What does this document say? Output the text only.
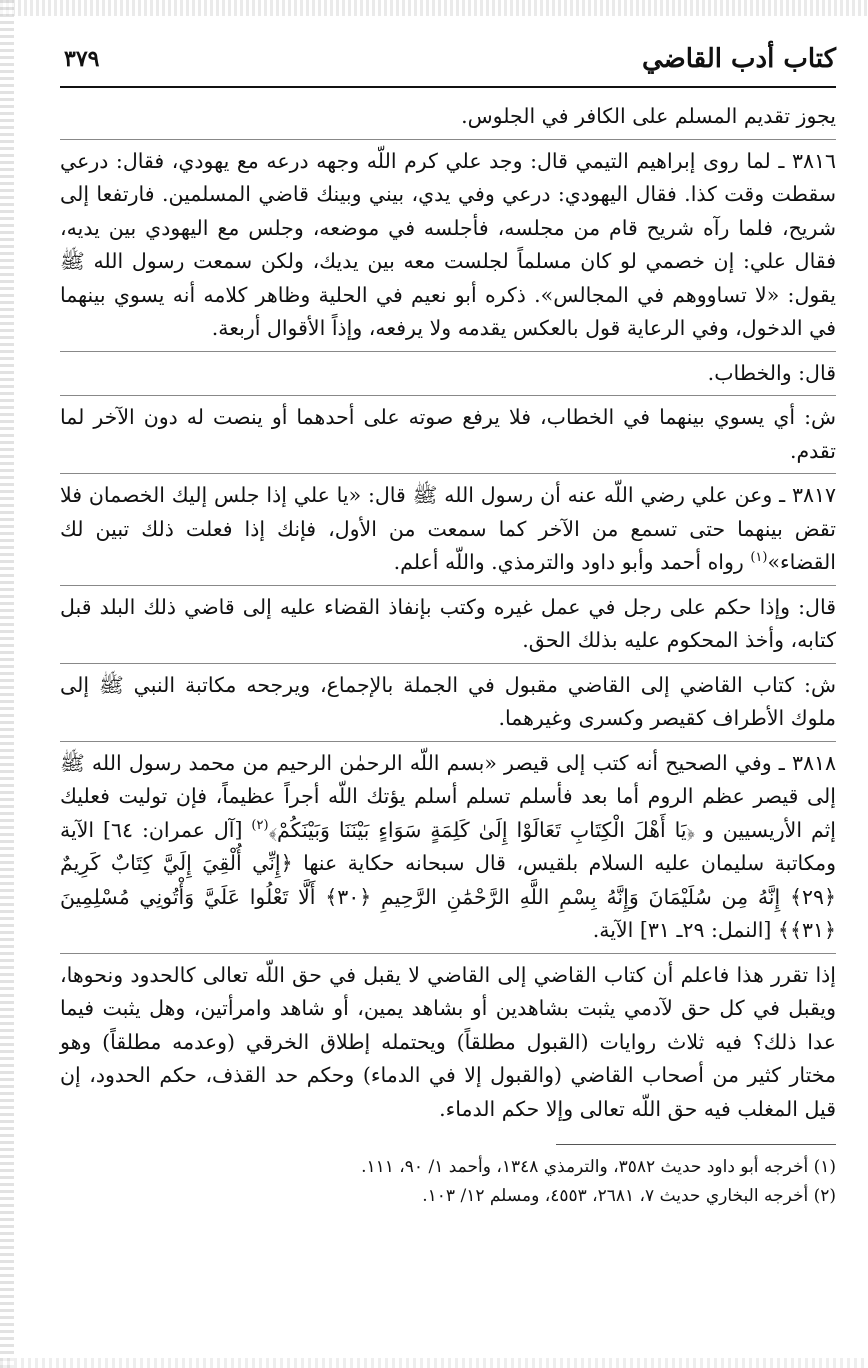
كتاب أدب القاضي
٣٧٩

يجوز تقديم المسلم على الكافر في الجلوس.

٣٨١٦ ـ لما روى إبراهيم التيمي قال: وجد علي كرم اللّه وجهه درعه مع يهودي، فقال: درعي سقطت وقت كذا. فقال اليهودي: درعي وفي يدي، بيني وبينك قاضي المسلمين. فارتفعا إلى شريح، فلما رآه شريح قام من مجلسه، فأجلسه في موضعه، وجلس مع اليهودي بين يديه، فقال علي: إن خصمي لو كان مسلماً لجلست معه بين يديك، ولكن سمعت رسول الله ﷺ يقول: «لا تساووهم في المجالس». ذكره أبو نعيم في الحلية وظاهر كلامه أنه يسوي بينهما في الدخول، وفي الرعاية قول بالعكس يقدمه ولا يرفعه، وإذاً الأقوال أربعة.

قال: والخطاب.

ش: أي يسوي بينهما في الخطاب، فلا يرفع صوته على أحدهما أو ينصت له دون الآخر لما تقدم.

٣٨١٧ ـ وعن علي رضي اللّه عنه أن رسول الله ﷺ قال: «يا علي إذا جلس إليك الخصمان فلا تقض بينهما حتى تسمع من الآخر كما سمعت من الأول، فإنك إذا فعلت ذلك تبين لك القضاء»$^{(١)}$ رواه أحمد وأبو داود والترمذي. واللّه أعلم.

قال: وإذا حكم على رجل في عمل غيره وكتب بإنفاذ القضاء عليه إلى قاضي ذلك البلد قبل كتابه، وأخذ المحكوم عليه بذلك الحق.

ش: كتاب القاضي إلى القاضي مقبول في الجملة بالإجماع، ويرجحه مكاتبة النبي ﷺ إلى ملوك الأطراف كقيصر وكسرى وغيرهما.

٣٨١٨ ـ وفي الصحيح أنه كتب إلى قيصر «بسم اللّه الرحمٰن الرحيم من محمد رسول الله ﷺ إلى قيصر عظم الروم أما بعد فأسلم تسلم أسلم يؤتك اللّه أجراً عظيماً، فإن توليت فعليك إثم الأريسيين و ﴿يَا أَهْلَ الْكِتَابِ تَعَالَوْا إِلَىٰ كَلِمَةٍ سَوَاءٍ بَيْنَنَا وَبَيْنَكُمْ﴾$^{(٢)}$ [آل عمران: ٦٤] الآية ومكاتبة سليمان عليه السلام بلقيس، قال سبحانه حكاية عنها ﴿إِنِّي أُلْقِيَ إِلَيَّ كِتَابٌ كَرِيمٌ ﴿٢٩﴾ إِنَّهُ مِن سُلَيْمَانَ وَإِنَّهُ بِسْمِ اللَّهِ الرَّحْمَٰنِ الرَّحِيمِ ﴿٣٠﴾ أَلَّا تَعْلُوا عَلَيَّ وَأْتُونِي مُسْلِمِينَ ﴿٣١﴾﴾ [النمل: ٢٩ـ ٣١] الآية.

إذا تقرر هذا فاعلم أن كتاب القاضي إلى القاضي لا يقبل في حق اللّه تعالى كالحدود ونحوها، ويقبل في كل حق لآدمي يثبت بشاهدين أو بشاهد يمين، أو شاهد وامرأتين، وهل يثبت فيما عدا ذلك؟ فيه ثلاث روايات (القبول مطلقاً) ويحتمله إطلاق الخرقي (وعدمه مطلقاً) وهو مختار كثير من أصحاب القاضي (والقبول إلا في الدماء) وحكم حد القذف، حكم الحدود، إن قيل المغلب فيه حق اللّه تعالى وإلا حكم الدماء.

(١) أخرجه أبو داود حديث ٣٥٨٢، والترمذي ١٣٤٨، وأحمد ١/ ٩٠، ١١١.

(٢) أخرجه البخاري حديث ٧، ٢٦٨١، ٤٥٥٣، ومسلم ١٢/ ١٠٣.
